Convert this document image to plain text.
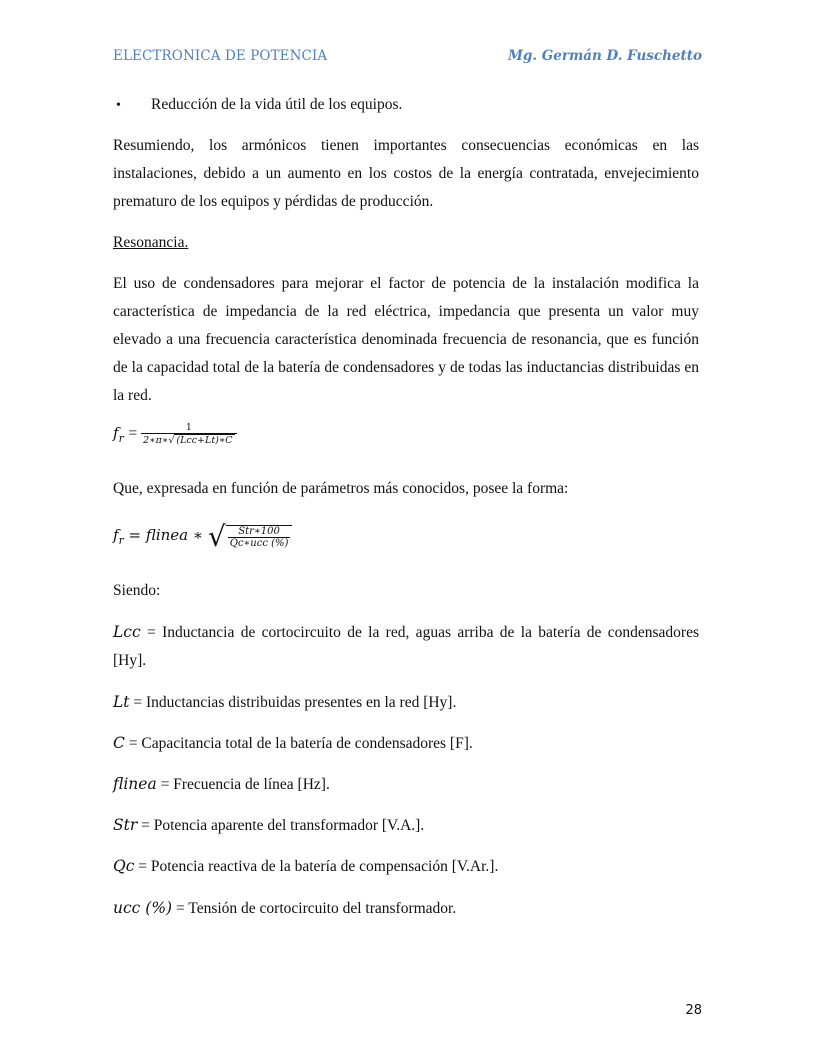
ELECTRONICA DE POTENCIA	Mg. Germán D. Fuschetto
• Reducción de la vida útil de los equipos.
Resumiendo, los armónicos tienen importantes consecuencias económicas en las instalaciones, debido a un aumento en los costos de la energía contratada, envejecimiento prematuro de los equipos y pérdidas de producción.
Resonancia.
El uso de condensadores para mejorar el factor de potencia de la instalación modifica la característica de impedancia de la red eléctrica, impedancia que presenta un valor muy elevado a una frecuencia característica denominada frecuencia de resonancia, que es función de la capacidad total de la batería de condensadores y de todas las inductancias distribuidas en la red.
$f_r = \frac{1}{\text{2∗π∗√ (Lcc+Lt)∗C}}$
Que, expresada en función de parámetros más conocidos, posee la forma:
$f_r$ = flinea ∗ √ $\frac{\text{Str∗100}}{\text{Qc∗ucc (\%)}}$
Siendo:
Lcc = Inductancia de cortocircuito de la red, aguas arriba de la batería de condensadores [Hy].
Lt = Inductancias distribuidas presentes en la red [Hy].
C = Capacitancia total de la batería de condensadores [F].
flinea = Frecuencia de línea [Hz].
Str = Potencia aparente del transformador [V.A.].
Qc = Potencia reactiva de la batería de compensación [V.Ar.].
ucc (%) = Tensión de cortocircuito del transformador.
28
